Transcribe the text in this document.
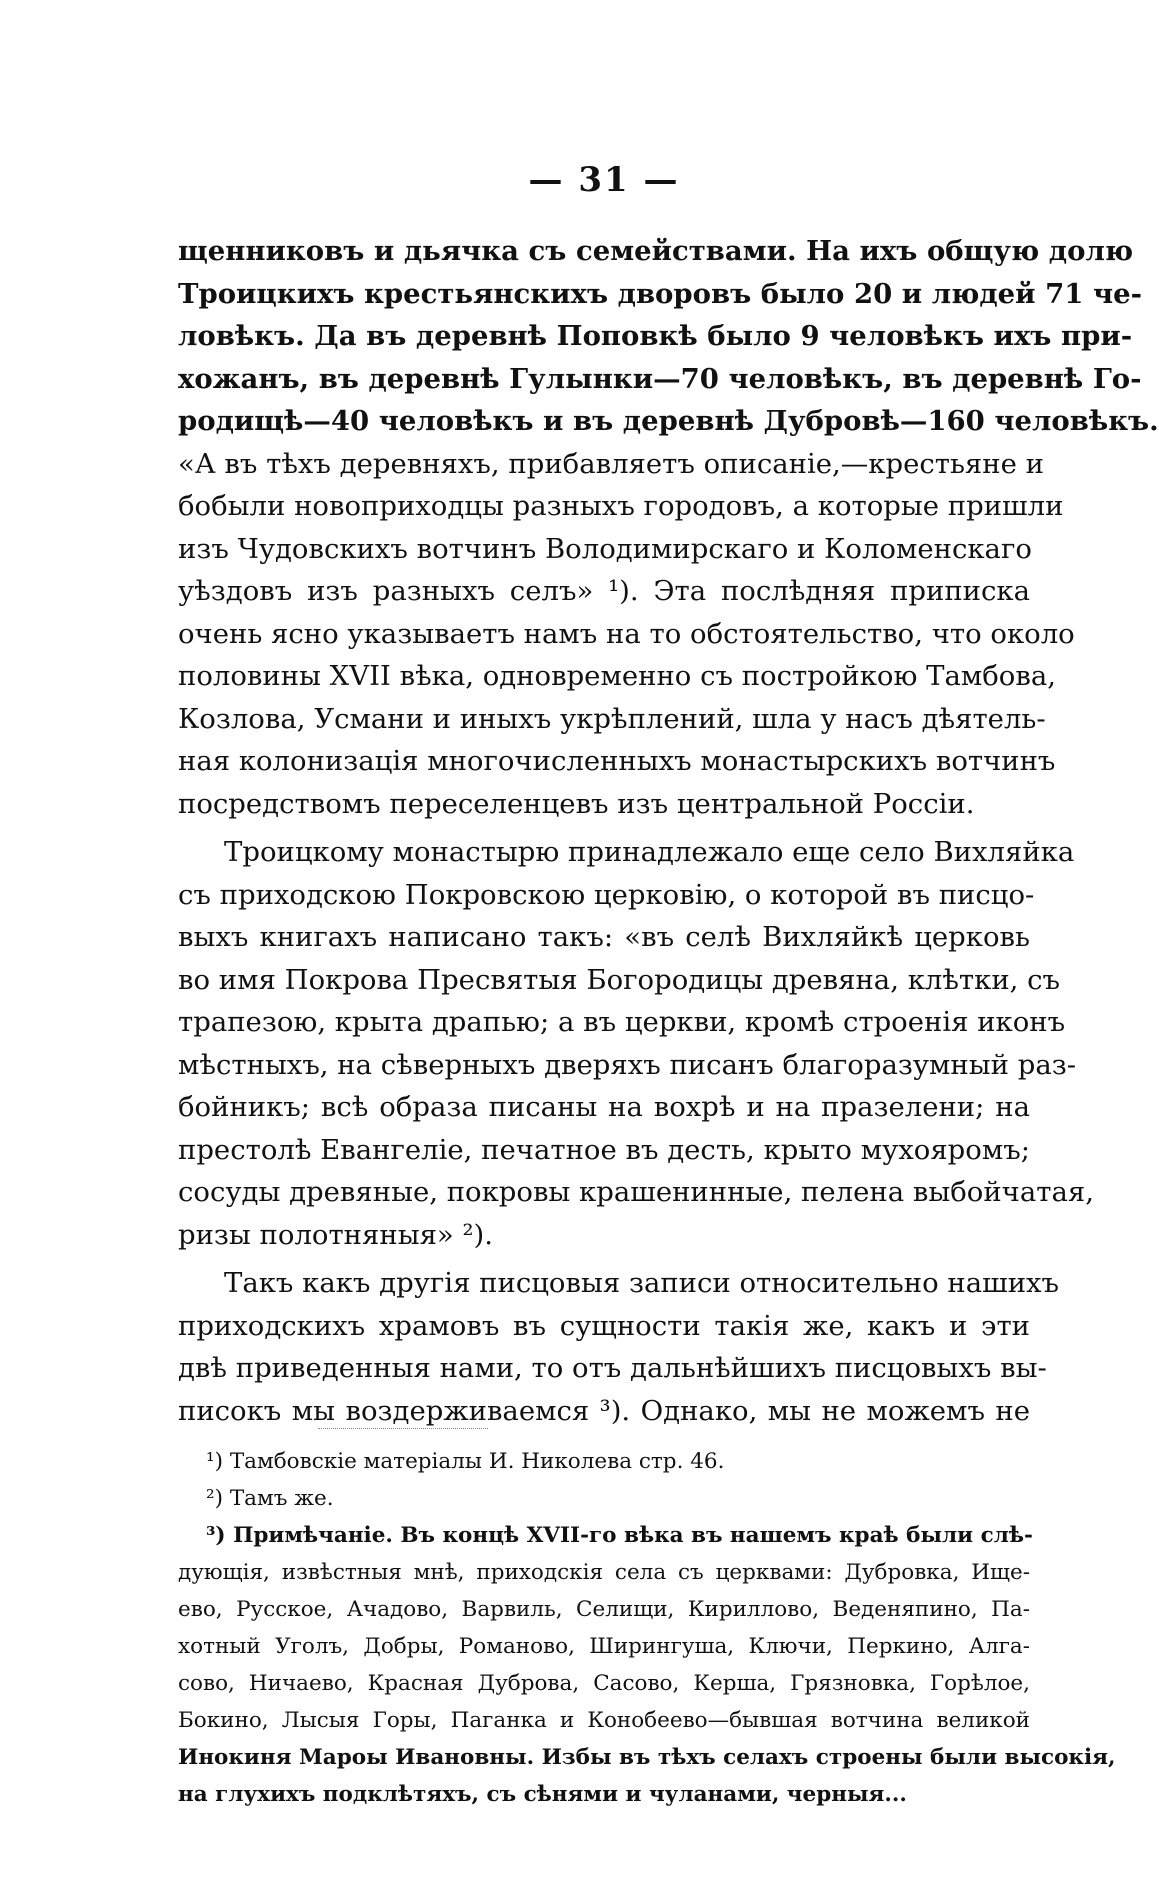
— 31 —
щенниковъ и дьячка съ семействами. На ихъ общую долю
Троицкихъ крестьянскихъ дворовъ было 20 и людей 71 че-
ловѣкъ. Да въ деревнѣ Поповкѣ было 9 человѣкъ ихъ при-
хожанъ, въ деревнѣ Гулынки—70 человѣкъ, въ деревнѣ Го-
родищѣ—40 человѣкъ и въ деревнѣ Дубровѣ—160 человѣкъ.
«А въ тѣхъ деревняхъ, прибавляетъ описаніе,—крестьяне и
бобыли новоприходцы разныхъ городовъ, а которые пришли
изъ Чудовскихъ вотчинъ Володимирскаго и Коломенскаго
уѣздовъ изъ разныхъ селъ» ¹). Эта послѣдняя приписка
очень ясно указываетъ намъ на то обстоятельство, что около
половины XVII вѣка, одновременно съ постройкою Тамбова,
Козлова, Усмани и иныхъ укрѣплений, шла у насъ дѣятель-
ная колонизація многочисленныхъ монастырскихъ вотчинъ
посредствомъ переселенцевъ изъ центральной Россіи.
Троицкому монастырю принадлежало еще село Вихляйка
съ приходскою Покровскою церковію, о которой въ писцо-
выхъ книгахъ написано такъ: «въ селѣ Вихляйкѣ церковь
во имя Покрова Пресвятыя Богородицы древяна, клѣтки, съ
трапезою, крыта драпью; а въ церкви, кромѣ строенія иконъ
мѣстныхъ, на сѣверныхъ дверяхъ писанъ благоразумный раз-
бойникъ; всѣ образа писаны на вохрѣ и на празелени; на
престолѣ Евангеліе, печатное въ десть, крыто мухояромъ;
сосуды древяные, покровы крашенинные, пелена выбойчатая,
ризы полотняныя» ²).
Такъ какъ другія писцовыя записи относительно нашихъ
приходскихъ храмовъ въ сущности такія же, какъ и эти
двѣ приведенныя нами, то отъ дальнѣйшихъ писцовыхъ вы-
писокъ мы воздерживаемся ³). Однако, мы не можемъ не
¹) Тамбовскіе матеріалы И. Николева стр. 46.
²) Тамъ же.
³) Примѣчаніе. Въ концѣ XVII-го вѣка въ нашемъ краѣ были слѣ-
дующія, извѣстныя мнѣ, приходскія села съ церквами: Дубровка, Ище-
ево, Русское, Ачадово, Варвиль, Селищи, Кириллово, Веденяпино, Па-
хотный Уголъ, Добры, Романово, Ширингуша, Ключи, Перкино, Алга-
сово, Ничаево, Красная Дуброва, Сасово, Керша, Грязновка, Горѣлое,
Бокино, Лысыя Горы, Паганка и Конобеево—бывшая вотчина великой
Инокиня Мароы Ивановны. Избы въ тѣхъ селахъ строены были высокія,
на глухихъ подклѣтяхъ, съ сѣнями и чуланами, черныя...
